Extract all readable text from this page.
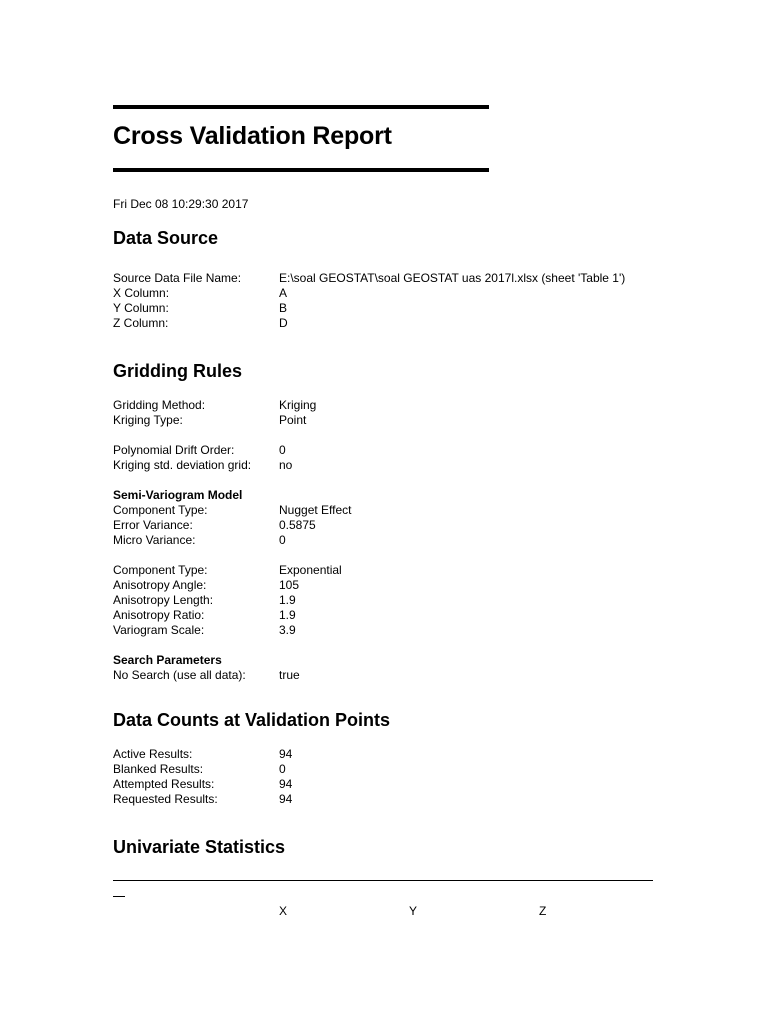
Cross Validation Report
Fri Dec 08 10:29:30 2017
Data Source
Source Data File Name:	E:\soal GEOSTAT\soal GEOSTAT uas 2017l.xlsx (sheet 'Table 1')
X Column:	A
Y Column:	B
Z Column:	D
Gridding Rules
Gridding Method:	Kriging
Kriging Type:	Point
Polynomial Drift Order:	0
Kriging std. deviation grid: no
Semi-Variogram Model
Component Type:	Nugget Effect
Error Variance:	0.5875
Micro Variance:	0
Component Type:	Exponential
Anisotropy Angle:	105
Anisotropy Length:	1.9
Anisotropy Ratio:	1.9
Variogram Scale:	3.9
Search Parameters
No Search (use all data):	true
Data Counts at Validation Points
Active Results:	94
Blanked Results:	0
Attempted Results:	94
Requested Results:	94
Univariate Statistics
X	Y	Z
